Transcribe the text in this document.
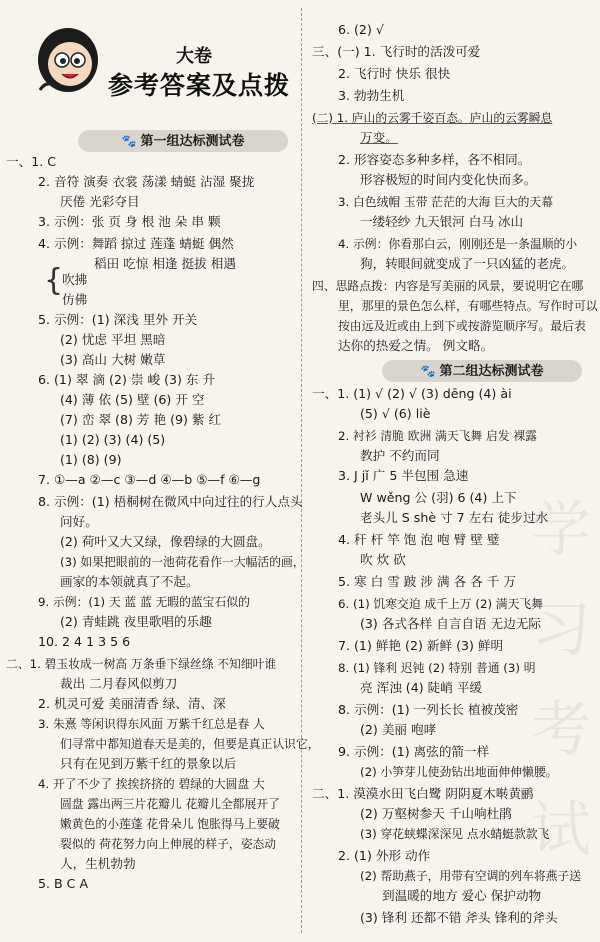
大卷
参考答案及点拨
🐾 第一组达标测试卷
一、1. C
2. 音符 演奏 衣裳 荡漾 蜻蜓 沾湿 聚拢
厌倦 光彩夺目
3. 示例：张 页 身 根 池 朵 串 颗
4. 示例：舞蹈 掠过 莲蓬 蜻蜓 偶然
稻田 吃惊 相逢 挺拔 相遇
{
吹拂
仿佛
5. 示例：(1) 深浅 里外 开关
(2) 忧虑 平坦 黑暗
(3) 高山 大树 嫩草
6. (1) 翠 滴 (2) 崇 峻 (3) 东 升
(4) 薄 依 (5) 壁 (6) 开 空
(7) 峦 翠 (8) 芳 艳 (9) 紫 红
(1) (2) (3) (4) (5)
(1) (8) (9)
7. ①—a ②—c ③—d ④—b ⑤—f ⑥—g
8. 示例：(1) 梧桐树在微风中向过往的行人点头
问好。
(2) 荷叶又大又绿，像碧绿的大圆盘。
(3) 如果把眼前的一池荷花看作一大幅活的画，
画家的本领就真了不起。
9. 示例：(1) 天 蓝 蓝 无暇的蓝宝石似的
(2) 青蛙跳 夜里歌唱的乐趣
10. 2 4 1 3 5 6
二、1. 碧玉妆成一树高 万条垂下绿丝绦 不知细叶谁
裁出 二月春风似剪刀
2. 机灵可爱 美丽清香 绿、清、深
3. 朱熹 等闲识得东风面 万紫千红总是春 人
们寻常中都知道春天是美的，但要是真正认识它，
只有在见到万紫千红的景象以后
4. 开了不少了 挨挨挤挤的 碧绿的大圆盘 大
圆盘 露出两三片花瓣儿 花瓣儿全都展开了
嫩黄色的小莲蓬 花骨朵儿 饱胀得马上要破
裂似的 荷花努力向上伸展的样子，姿态动
人，生机勃勃
5. B C A
6. (2) √
三、(一) 1. 飞行时的活泼可爱
2. 飞行时 快乐 很快
3. 勃勃生机
(二) 1. 庐山的云雾千姿百态。庐山的云雾瞬息
万变。
2. 形容姿态多种多样，各不相同。
形容极短的时间内变化快而多。
3. 白色绒帽 玉带 茫茫的大海 巨大的天幕
一缕轻纱 九天银河 白马 冰山
4. 示例：你看那白云，刚刚还是一条温顺的小
狗，转眼间就变成了一只凶猛的老虎。
四、思路点拨：内容是写美丽的风景，要说明它在哪
里，那里的景色怎么样，有哪些特点。写作时可以
按由远及近或由上到下或按游览顺序写。最后表
达你的热爱之情。 例文略。
🐾 第二组达标测试卷
一、1. (1) √ (2) √ (3) dēng (4) ài
(5) √ (6) liè
2. 衬衫 清脆 欧洲 满天飞舞 启发 裸露
教护 不约而同
3. J jǐ 广 5 半包围 急速
W wěng 公 (羽) 6 (4) 上下
老头儿 S shè 寸 7 左右 徒步过水
4. 秆 杆 竿 饱 泡 咆 臂 壁 璧
吹 炊 砍
5. 寒 白 雪 跛 涉 满 各 各 千 万
6. (1) 饥寒交迫 成千上万 (2) 满天飞舞
(3) 各式各样 自言自语 无边无际
7. (1) 鲜艳 (2) 新鲜 (3) 鲜明
8. (1) 锋利 迟钝 (2) 特别 普通 (3) 明
亮 浑浊 (4) 陡峭 平缓
8. 示例：(1) 一列长长 植被茂密
(2) 美丽 咆哮
9. 示例：(1) 离弦的箭一样
(2) 小笋芽儿使劲钻出地面伸伸懒腰。
二、1. 漠漠水田飞白鹭 阴阴夏木啭黄鹂
(2) 万壑树参天 千山响杜鹃
(3) 穿花蛱蝶深深见 点水蜻蜓款款飞
2. (1) 外形 动作
(2) 帮助燕子，用带有空调的列车将燕子送
到温暖的地方 爱心 保护动物
(3) 锋利 还都不错 斧头 锋利的斧头
学
习
考
试
